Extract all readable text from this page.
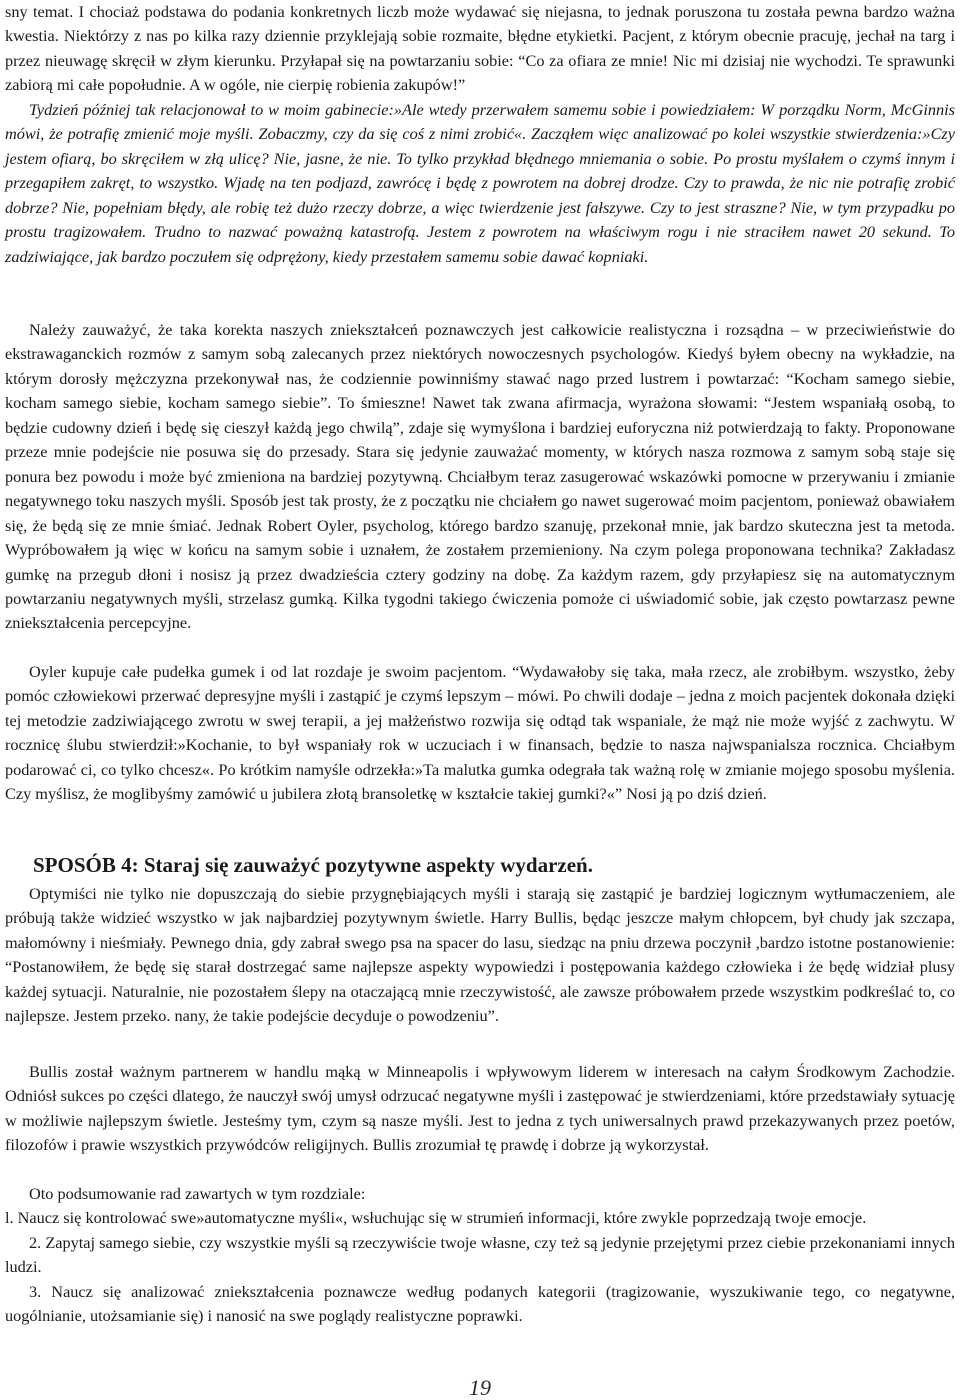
sny temat. I chociaż podstawa do podania konkretnych liczb może wydawać się niejasna, to jednak poruszona tu została pewna bardzo ważna kwestia. Niektórzy z nas po kilka razy dziennie przyklejają sobie rozmaite, błędne etykietki. Pacjent, z którym obecnie pracuję, jechał na targ i przez nieuwagę skręcił w złym kierunku. Przyłapał się na powtarzaniu sobie: “Co za ofiara ze mnie! Nic mi dzisiaj nie wychodzi. Te sprawunki zabiorą mi całe popołudnie. A w ogóle, nie cierpię robienia zakupów!”

Tydzień później tak relacjonował to w moim gabinecie:»Ale wtedy przerwałem samemu sobie i powiedziałem: W porządku Norm, McGinnis mówi, że potrafię zmienić moje myśli. Zobaczmy, czy da się coś z nimi zrobić«. Zacząłem więc analizować po kolei wszystkie stwierdzenia:»Czy jestem ofiarą, bo skręciłem w złą ulicę? Nie, jasne, że nie. To tylko przykład błędnego mniemania o sobie. Po prostu myślałem o czymś innym i przegapiłem zakręt, to wszystko. Wjadę na ten podjazd, zawrócę i będę z powrotem na dobrej drodze. Czy to prawda, że nic nie potrafię zrobić dobrze? Nie, popełniam błędy, ale robię też dużo rzeczy dobrze, a więc twierdzenie jest fałszywe. Czy to jest straszne? Nie, w tym przypadku po prostu tragizowałem. Trudno to nazwać poważną katastrofą. Jestem z powrotem na właściwym rogu i nie straciłem nawet 20 sekund. To zadziwiające, jak bardzo poczułem się odprężony, kiedy przestałem samemu sobie dawać kopniaki.

Należy zauważyć, że taka korekta naszych zniekształceń poznawczych jest całkowicie realistyczna i rozsądna – w przeciwieństwie do ekstrawaganckich rozmów z samym sobą zalecanych przez niektórych nowoczesnych psychologów. Kiedyś byłem obecny na wykładzie, na którym dorosły mężczyzna przekonywał nas, że codziennie powinniśmy stawać nago przed lustrem i powtarzać: “Kocham samego siebie, kocham samego siebie, kocham samego siebie”. To śmieszne! Nawet tak zwana afirmacja, wyrażona słowami: “Jestem wspaniałą osobą, to będzie cudowny dzień i będę się cieszył każdą jego chwilą”, zdaje się wymyślona i bardziej euforyczna niż potwierdzają to fakty. Proponowane przeze mnie podejście nie posuwa się do przesady. Stara się jedynie zauważać momenty, w których nasza rozmowa z samym sobą staje się ponura bez powodu i może być zmieniona na bardziej pozytywną. Chciałbym teraz zasugerować wskazówki pomocne w przerywaniu i zmianie negatywnego toku naszych myśli. Sposób jest tak prosty, że z początku nie chciałem go nawet sugerować moim pacjentom, ponieważ obawiałem się, że będą się ze mnie śmiać. Jednak Robert Oyler, psycholog, którego bardzo szanuję, przekonał mnie, jak bardzo skuteczna jest ta metoda. Wypróbowałem ją więc w końcu na samym sobie i uznałem, że zostałem przemieniony. Na czym polega proponowana technika? Zakładasz gumkę na przegub dłoni i nosisz ją przez dwadzieścia cztery godziny na dobę. Za każdym razem, gdy przyłapiesz się na automatycznym powtarzaniu negatywnych myśli, strzelasz gumką. Kilka tygodni takiego ćwiczenia pomoże ci uświadomić sobie, jak często powtarzasz pewne zniekształcenia percepcyjne.

Oyler kupuje całe pudełka gumek i od lat rozdaje je swoim pacjentom. “Wydawałoby się taka, mała rzecz, ale zrobiłbym. wszystko, żeby pomóc człowiekowi przerwać depresyjne myśli i zastąpić je czymś lepszym – mówi. Po chwili dodaje – jedna z moich pacjentek dokonała dzięki tej metodzie zadziwiającego zwrotu w swej terapii, a jej małżeństwo rozwija się odtąd tak wspaniale, że mąż nie może wyjść z zachwytu. W rocznicę ślubu stwierdził:»Kochanie, to był wspaniały rok w uczuciach i w finansach, będzie to nasza najwspanialsza rocznica. Chciałbym podarować ci, co tylko chcesz«. Po krótkim namyśle odrzekła:»Ta malutka gumka odegrała tak ważną rolę w zmianie mojego sposobu myślenia. Czy myślisz, że moglibyśmy zamówić u jubilera złotą bransoletkę w kształcie takiej gumki?«” Nosi ją po dziś dzień.

SPOSÓB 4: Staraj się zauważyć pozytywne aspekty wydarzeń.

Optymiści nie tylko nie dopuszczają do siebie przygnębiających myśli i starają się zastąpić je bardziej logicznym wytłumaczeniem, ale próbują także widzieć wszystko w jak najbardziej pozytywnym świetle. Harry Bullis, będąc jeszcze małym chłopcem, był chudy jak szczapa, małomówny i nieśmiały. Pewnego dnia, gdy zabrał swego psa na spacer do lasu, siedząc na pniu drzewa poczynił ,bardzo istotne postanowienie: “Postanowiłem, że będę się starał dostrzegać same najlepsze aspekty wypowiedzi i postępowania każdego człowieka i że będę widział plusy każdej sytuacji. Naturalnie, nie pozostałem ślepy na otaczającą mnie rzeczywistość, ale zawsze próbowałem przede wszystkim podkreślać to, co najlepsze. Jestem przeko. nany, że takie podejście decyduje o powodzeniu”.

Bullis został ważnym partnerem w handlu mąką w Minneapolis i wpływowym liderem w interesach na całym Środkowym Zachodzie. Odniósł sukces po części dlatego, że nauczył swój umysł odrzucać negatywne myśli i zastępować je stwierdzeniami, które przedstawiały sytuację w możliwie najlepszym świetle. Jesteśmy tym, czym są nasze myśli. Jest to jedna z tych uniwersalnych prawd przekazywanych przez poetów, filozofów i prawie wszystkich przywódców religijnych. Bullis zrozumiał tę prawdę i dobrze ją wykorzystał.

Oto podsumowanie rad zawartych w tym rozdziale:

l. Naucz się kontrolować swe»automatyczne myśli«, wsłuchując się w strumień informacji, które zwykle poprzedzają twoje emocje.

2. Zapytaj samego siebie, czy wszystkie myśli są rzeczywiście twoje własne, czy też są jedynie przejętymi przez ciebie przekonaniami innych ludzi.

3. Naucz się analizować zniekształcenia poznawcze według podanych kategorii (tragizowanie, wyszukiwanie tego, co negatywne, uogólnianie, utożsamianie się) i nanosić na swe poglądy realistyczne poprawki.

19
